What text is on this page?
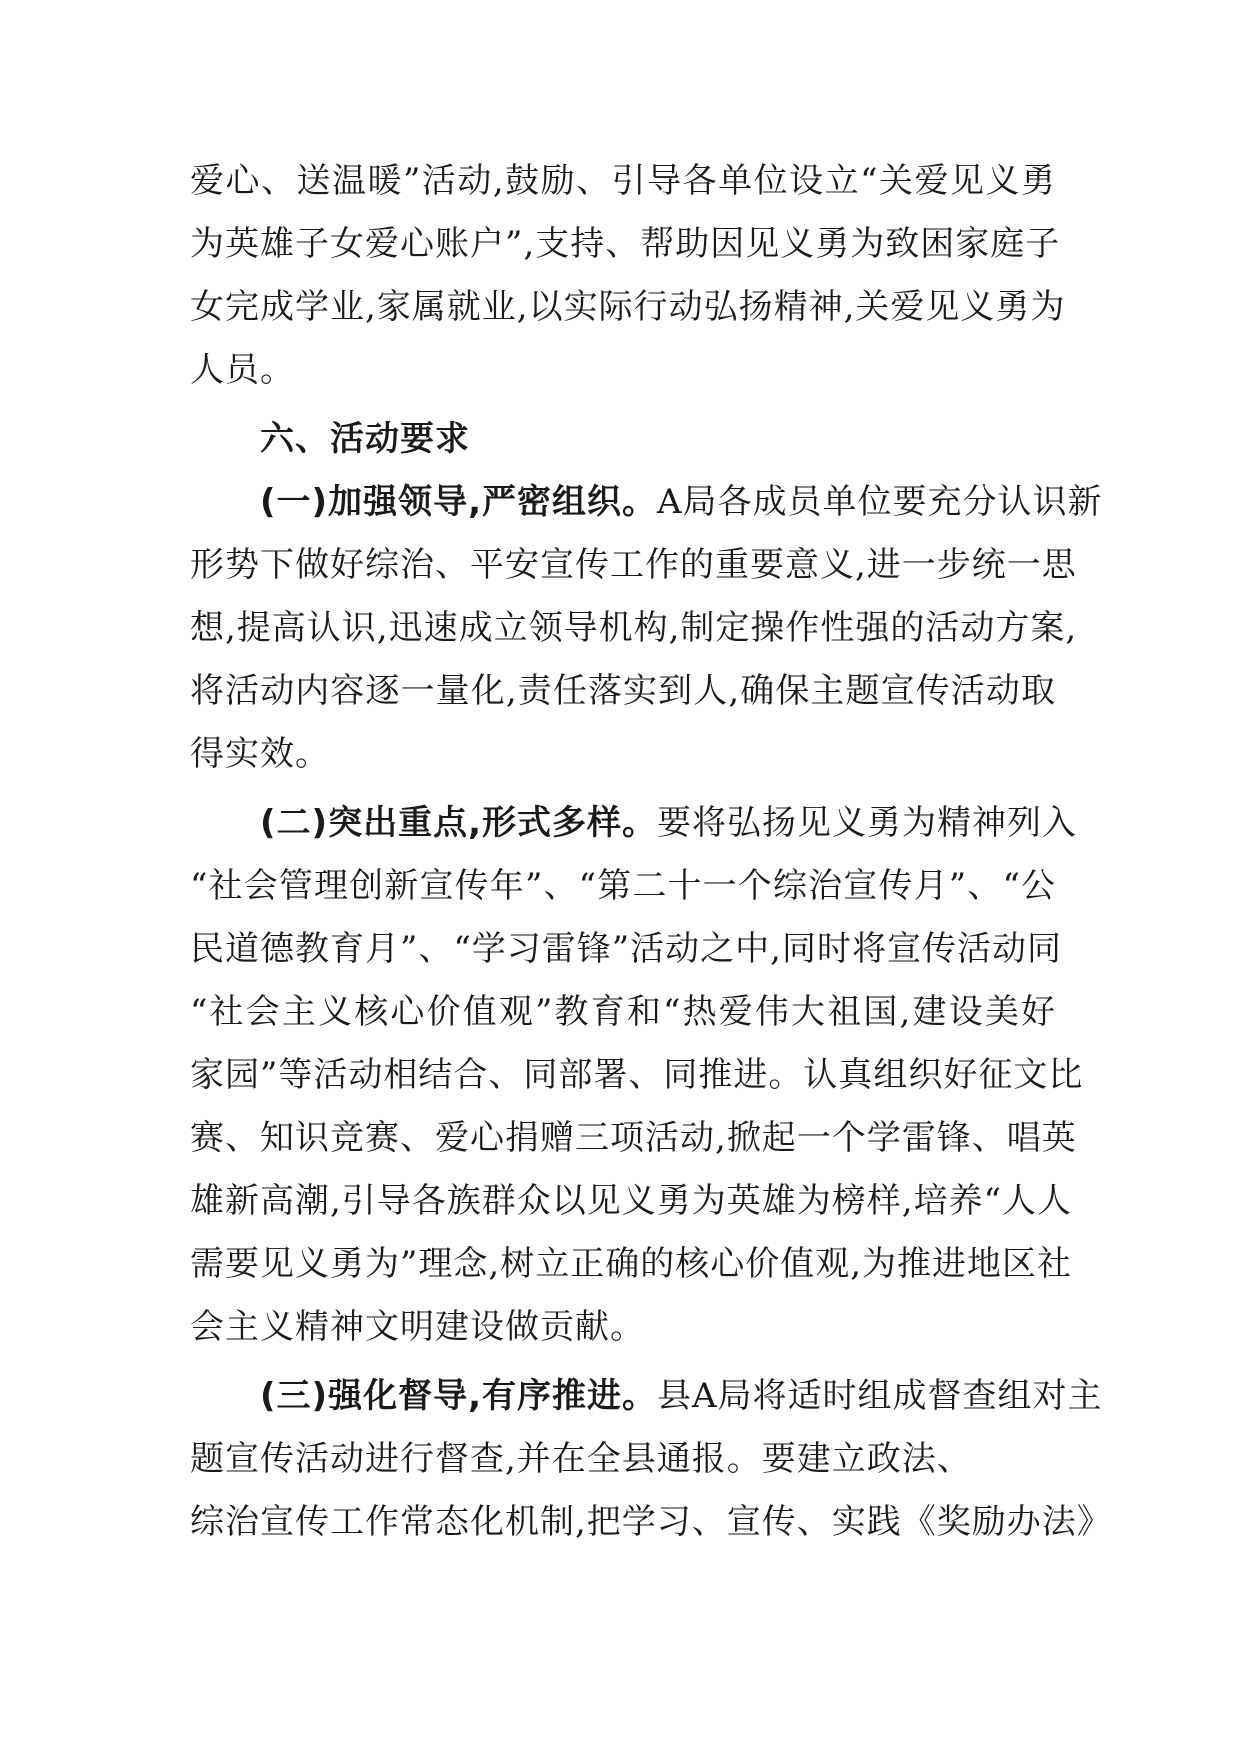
爱心、送温暖”活动,鼓励、引导各单位设立“关爱见义勇
为英雄子女爱心账户”,支持、帮助因见义勇为致困家庭子
女完成学业,家属就业,以实际行动弘扬精神,关爱见义勇为
人员。
六、活动要求
(一)加强领导,严密组织。A局各成员单位要充分认识新
形势下做好综治、平安宣传工作的重要意义,进一步统一思
想,提高认识,迅速成立领导机构,制定操作性强的活动方案,
将活动内容逐一量化,责任落实到人,确保主题宣传活动取
得实效。
(二)突出重点,形式多样。要将弘扬见义勇为精神列入
“社会管理创新宣传年”、“第二十一个综治宣传月”、“公
民道德教育月”、“学习雷锋”活动之中,同时将宣传活动同
“社会主义核心价值观”教育和“热爱伟大祖国,建设美好
家园”等活动相结合、同部署、同推进。认真组织好征文比
赛、知识竞赛、爱心捐赠三项活动,掀起一个学雷锋、唱英
雄新高潮,引导各族群众以见义勇为英雄为榜样,培养“人人
需要见义勇为”理念,树立正确的核心价值观,为推进地区社
会主义精神文明建设做贡献。
(三)强化督导,有序推进。县A局将适时组成督查组对主
题宣传活动进行督查,并在全县通报。要建立政法、
综治宣传工作常态化机制,把学习、宣传、实践《奖励办法》
